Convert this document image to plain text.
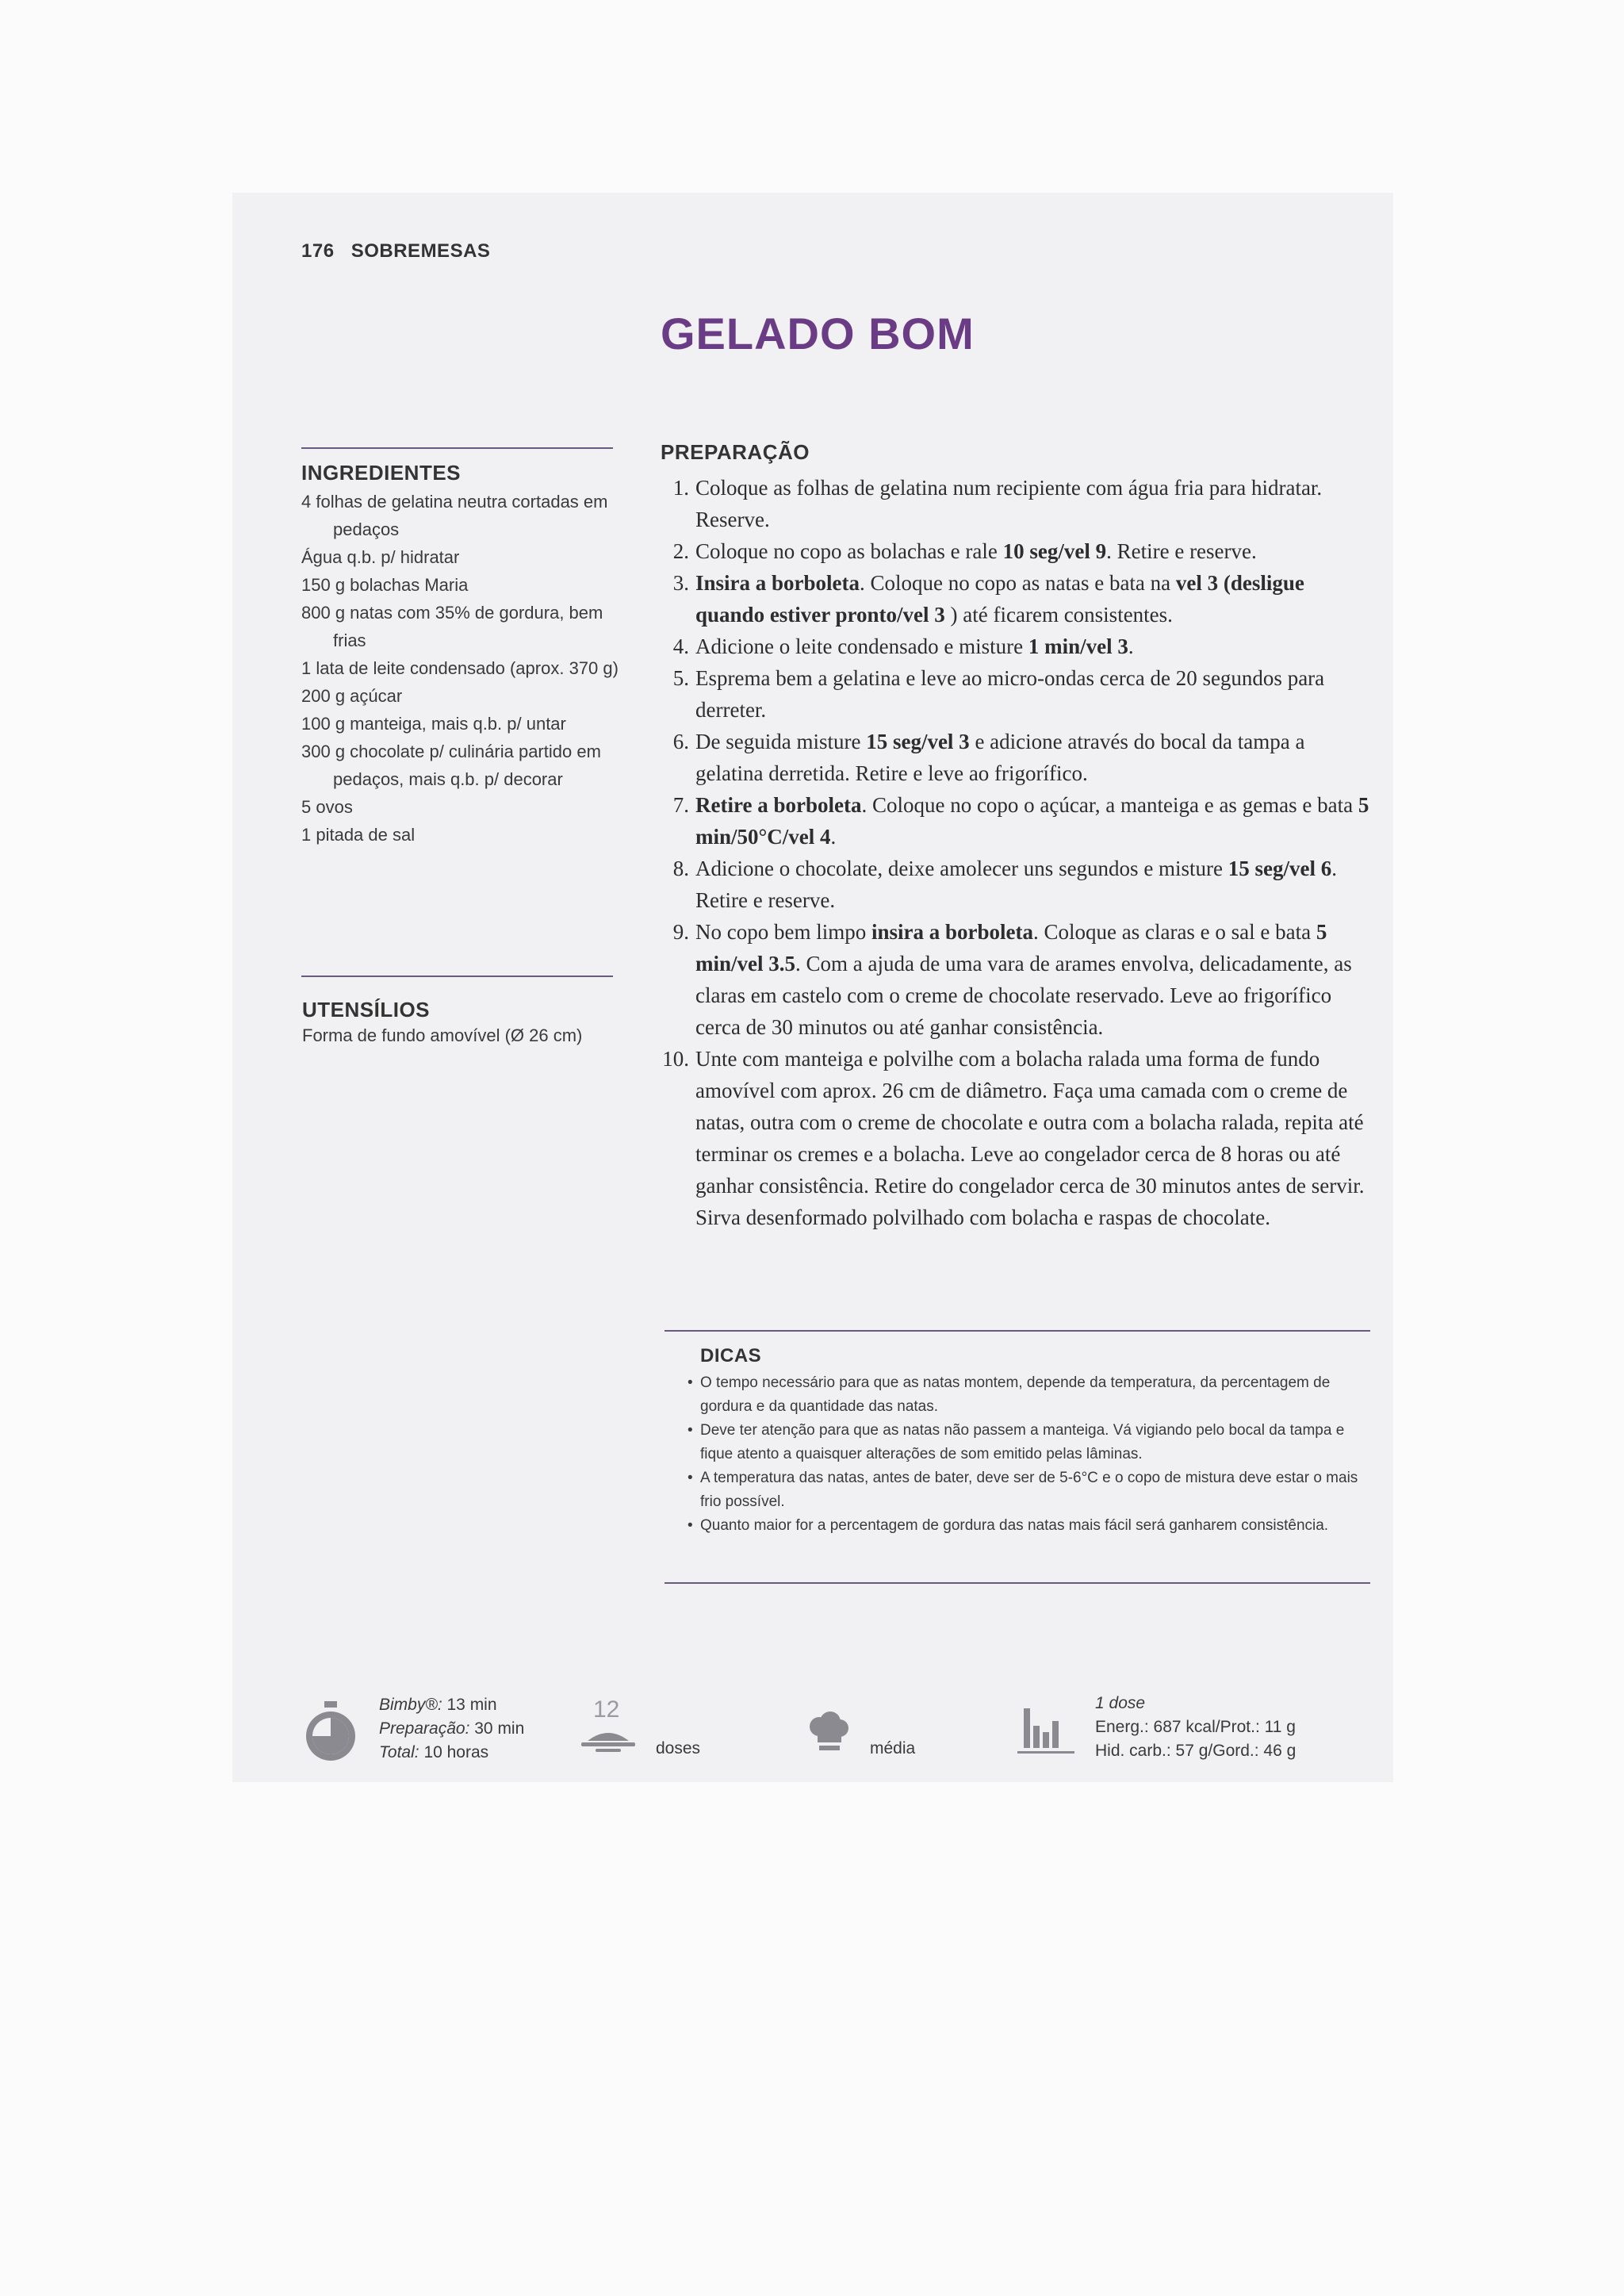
176 SOBREMESAS
GELADO BOM
INGREDIENTES
4 folhas de gelatina neutra cortadas em pedaços
Água q.b. p/ hidratar
150 g bolachas Maria
800 g natas com 35% de gordura, bem frias
1 lata de leite condensado (aprox. 370 g)
200 g açúcar
100 g manteiga, mais q.b. p/ untar
300 g chocolate p/ culinária partido em pedaços, mais q.b. p/ decorar
5 ovos
1 pitada de sal
UTENSÍLIOS
Forma de fundo amovível (Ø 26 cm)
PREPARAÇÃO
1. Coloque as folhas de gelatina num recipiente com água fria para hidratar. Reserve.
2. Coloque no copo as bolachas e rale 10 seg/vel 9. Retire e reserve.
3. Insira a borboleta. Coloque no copo as natas e bata na vel 3 (desligue quando estiver pronto/vel 3 ) até ficarem consistentes.
4. Adicione o leite condensado e misture 1 min/vel 3.
5. Esprema bem a gelatina e leve ao micro-ondas cerca de 20 segundos para derreter.
6. De seguida misture 15 seg/vel 3 e adicione através do bocal da tampa a gelatina derretida. Retire e leve ao frigorífico.
7. Retire a borboleta. Coloque no copo o açúcar, a manteiga e as gemas e bata 5 min/50°C/vel 4.
8. Adicione o chocolate, deixe amolecer uns segundos e misture 15 seg/vel 6. Retire e reserve.
9. No copo bem limpo insira a borboleta. Coloque as claras e o sal e bata 5 min/vel 3.5. Com a ajuda de uma vara de arames envolva, delicadamente, as claras em castelo com o creme de chocolate reservado. Leve ao frigorífico cerca de 30 minutos ou até ganhar consistência.
10. Unte com manteiga e polvilhe com a bolacha ralada uma forma de fundo amovível com aprox. 26 cm de diâmetro. Faça uma camada com o creme de natas, outra com o creme de chocolate e outra com a bolacha ralada, repita até terminar os cremes e a bolacha. Leve ao congelador cerca de 8 horas ou até ganhar consistência. Retire do congelador cerca de 30 minutos antes de servir. Sirva desenformado polvilhado com bolacha e raspas de chocolate.
DICAS
• O tempo necessário para que as natas montem, depende da temperatura, da percentagem de gordura e da quantidade das natas.
• Deve ter atenção para que as natas não passem a manteiga. Vá vigiando pelo bocal da tampa e fique atento a quaisquer alterações de som emitido pelas lâminas.
• A temperatura das natas, antes de bater, deve ser de 5-6°C e o copo de mistura deve estar o mais frio possível.
• Quanto maior for a percentagem de gordura das natas mais fácil será ganharem consistência.
Bimby®: 13 min
Preparação: 30 min
Total: 10 horas
12
doses	média
1 dose
Energ.: 687 kcal/Prot.: 11 g
Hid. carb.: 57 g/Gord.: 46 g
